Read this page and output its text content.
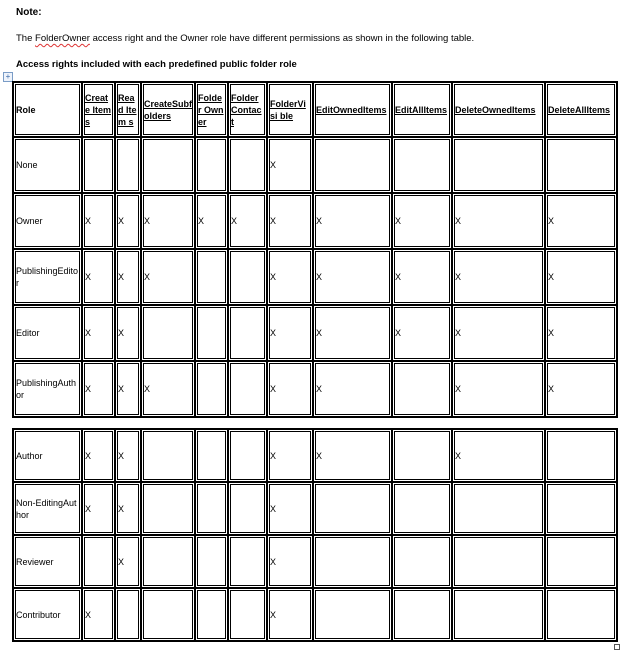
Note:
The FolderOwner access right and the Owner role have different permissions as shown in the following table.
Access rights included with each predefined public folder role
+
Role	Create Items	Read Item s	CreateSubf olders	Folder Owner	Folder Contact	FolderVisi ble	EditOwnedItems	EditAllItems	DeleteOwnedItems	DeleteAllItems
None						X				
Owner	X	X	X	X	X	X	X	X	X	X
PublishingEditor	X	X	X			X	X	X	X	X
Editor	X	X				X	X	X	X	X
PublishingAuthor	X	X	X			X	X		X	X
Author	X	X				X	X		X	
Non-EditingAuthor	X	X				X				
Reviewer		X				X				
Contributor	X					X				
